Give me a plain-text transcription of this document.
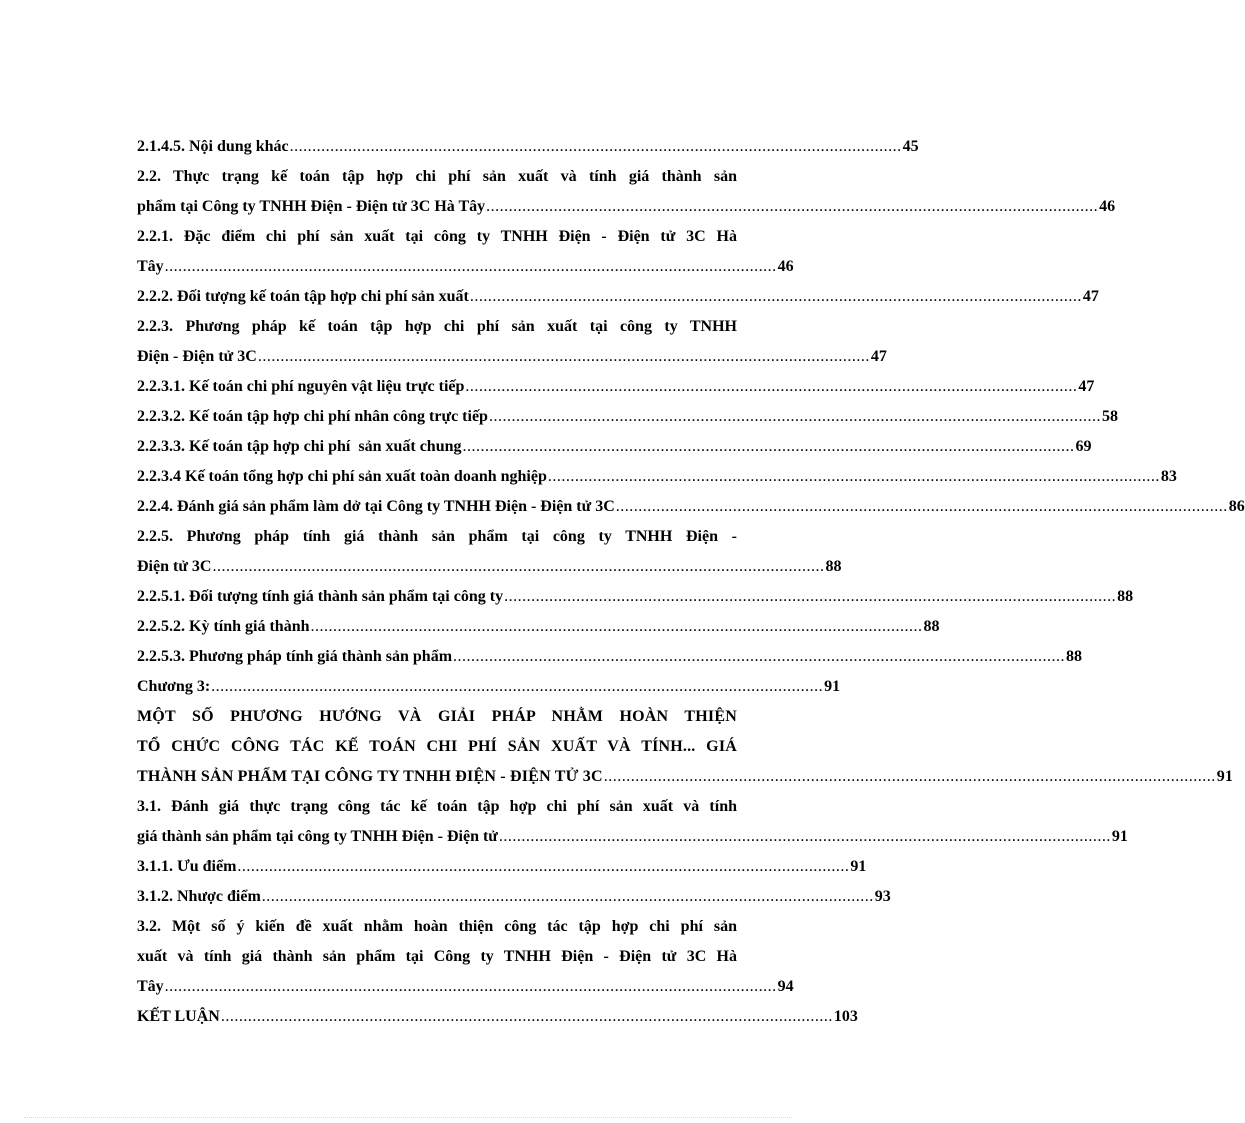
2.1.4.5. Nội dung khác ........................................................................................................................................ 45
2.2. Thực trạng kế toán tập hợp chi phí sản xuất và tính giá thành sản
phẩm tại Công ty TNHH Điện - Điện tử 3C Hà Tây ........................................................................................................................................ 46
2.2.1. Đặc điểm chi phí sản xuất tại công ty TNHH Điện - Điện tử 3C Hà
Tây ........................................................................................................................................ 46
2.2.2. Đối tượng kế toán tập hợp chi phí sản xuất ........................................................................................................................................ 47
2.2.3. Phương pháp kế toán tập hợp chi phí sản xuất tại công ty TNHH
Điện - Điện tử 3C ........................................................................................................................................ 47
2.2.3.1. Kế toán chi phí nguyên vật liệu trực tiếp ........................................................................................................................................ 47
2.2.3.2. Kế toán tập hợp chi phí nhân công trực tiếp ........................................................................................................................................ 58
2.2.3.3. Kế toán tập hợp chi phí  sản xuất chung ........................................................................................................................................ 69
2.2.3.4 Kế toán tổng hợp chi phí sản xuất toàn doanh nghiệp ........................................................................................................................................ 83
2.2.4. Đánh giá sản phẩm làm dở tại Công ty TNHH Điện - Điện tử 3C ........................................................................................................................................ 86
2.2.5. Phương pháp tính giá thành sản phẩm tại công ty TNHH Điện -
Điện tử 3C ........................................................................................................................................ 88
2.2.5.1. Đối tượng tính giá thành sản phẩm tại công ty ........................................................................................................................................ 88
2.2.5.2. Kỳ tính giá thành ........................................................................................................................................ 88
2.2.5.3. Phương pháp tính giá thành sản phẩm ........................................................................................................................................ 88
Chương 3: ........................................................................................................................................ 91
MỘT SỐ PHƯƠNG HƯỚNG VÀ GIẢI PHÁP NHẰM HOÀN THIỆN
TỔ CHỨC CÔNG TÁC KẾ TOÁN CHI PHÍ SẢN XUẤT VÀ TÍNH... GIÁ
THÀNH SẢN PHẨM TẠI CÔNG TY TNHH ĐIỆN - ĐIỆN TỬ 3C ........................................................................................................................................ 91
3.1. Đánh giá thực trạng công tác kế toán tập hợp chi phí sản xuất và tính
giá thành sản phẩm tại công ty TNHH Điện - Điện tử ........................................................................................................................................ 91
3.1.1. Ưu điểm ........................................................................................................................................ 91
3.1.2. Nhược điểm ........................................................................................................................................ 93
3.2. Một số ý kiến đề xuất nhằm hoàn thiện công tác tập hợp chi phí sản
xuất và tính giá thành sản phẩm tại Công ty TNHH Điện - Điện tử 3C Hà
Tây ........................................................................................................................................ 94
KẾT LUẬN ........................................................................................................................................ 103
